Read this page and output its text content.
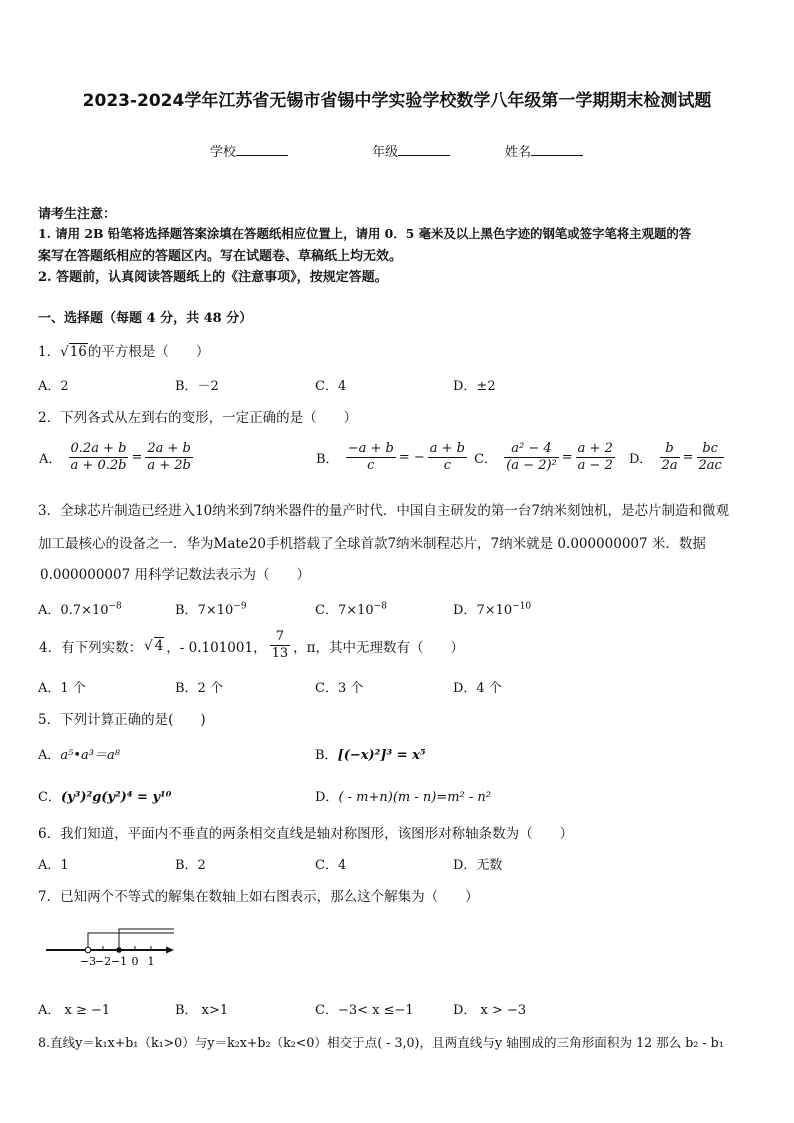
2023-2024学年江苏省无锡市省锡中学实验学校数学八年级第一学期期末检测试题
学校	年级	姓名
请考生注意：
1. 请用 2B 铅笔将选择题答案涂填在答题纸相应位置上，请用 0．5 毫米及以上黑色字迹的钢笔或签字笔将主观题的答
案写在答题纸相应的答题区内。写在试题卷、草稿纸上均无效。
2. 答题前，认真阅读答题纸上的《注意事项》，按规定答题。
一、选择题（每题 4 分，共 48 分）
1．√16的平方根是（　　）
A．2	B．－2	C．4	D．±2
2．下列各式从左到右的变形，一定正确的是（　　）
A． $\frac{0.2a + b}{a + 0.2b} = \frac{2a + b}{a + 2b}$	B． $\frac{-a + b}{c}$ = − $\frac{a + b}{c}$ C． $\frac{\text{a² − 4}}{\text{(a − 2)²}} = \frac{a + 2}{a - 2}$ D． $\frac{b}{2a} = \frac{bc}{2ac}$
3．全球芯片制造已经进入10纳米到7纳米器件的量产时代．中国自主研发的第一台7纳米刻蚀机，是芯片制造和微观
加工最核心的设备之一．华为Mate20手机搭载了全球首款7纳米制程芯片，7纳米就是 0.000000007 米．数据
0.000000007 用科学记数法表示为（　　）
A．$0.7\times 10^{-8}$	B．$7\times 10^{-9}$	C．$7\times 10^{-8}$	D．$7\times 10^{-10}$
4．有下列实数： √ 4 ，- 0.101001， $\frac{7}{13}$ ，π，其中无理数有（　　）
A．1 个	B．2 个	C．3 个	D．4 个
5．下列计算正确的是(　　)
A．a⁵•a³＝a⁸	B．[(−x)²]³ = x⁵
C．(y³)²g(y²)⁴ = y¹⁰	D．( - m+n)(m - n)=m² - n²
6．我们知道，平面内不垂直的两条相交直线是轴对称图形，该图形对称轴条数为（　　）
A．1	B．2	C．4	D．无数
7．已知两个不等式的解集在数轴上如右图表示，那么这个解集为（　　）
−3
−2 −1 0 1
A． x ≥ −1	B． x>1	C．−3< x ≤−1	D． x > −3
8.直线y＝k₁x+b₁（k₁>0）与y＝k₂x+b₂（k₂<0）相交于点( - 3,0)，且两直线与y 轴围成的三角形面积为 12 那么 b₂ - b₁
